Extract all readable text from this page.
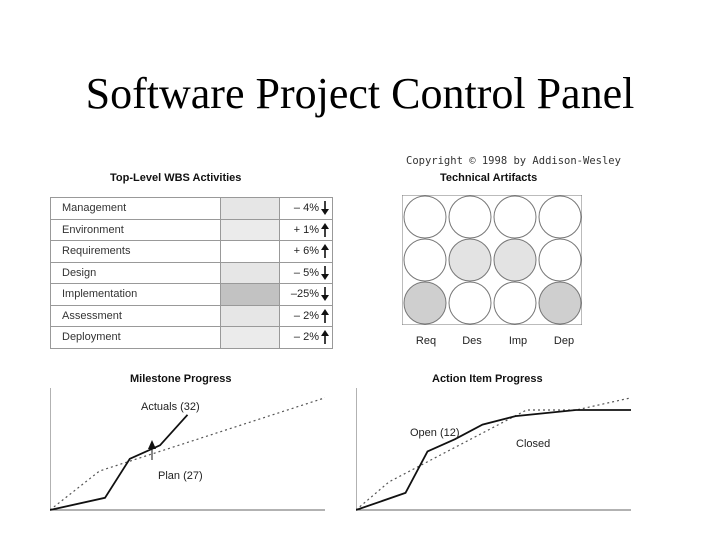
Software Project Control Panel
Top-Level WBS Activities
Management		– 4%

Environment		+ 1%

Requirements		+ 6%

Design		– 5%

Implementation		–25%

Assessment		– 2%

Deployment		– 2%
Copyright © 1998 by Addison-Wesley
Technical Artifacts
Req	Des	Imp	Dep
Milestone Progress
Actuals (32)
Plan (27)
Action Item Progress
Open (12)
Closed
